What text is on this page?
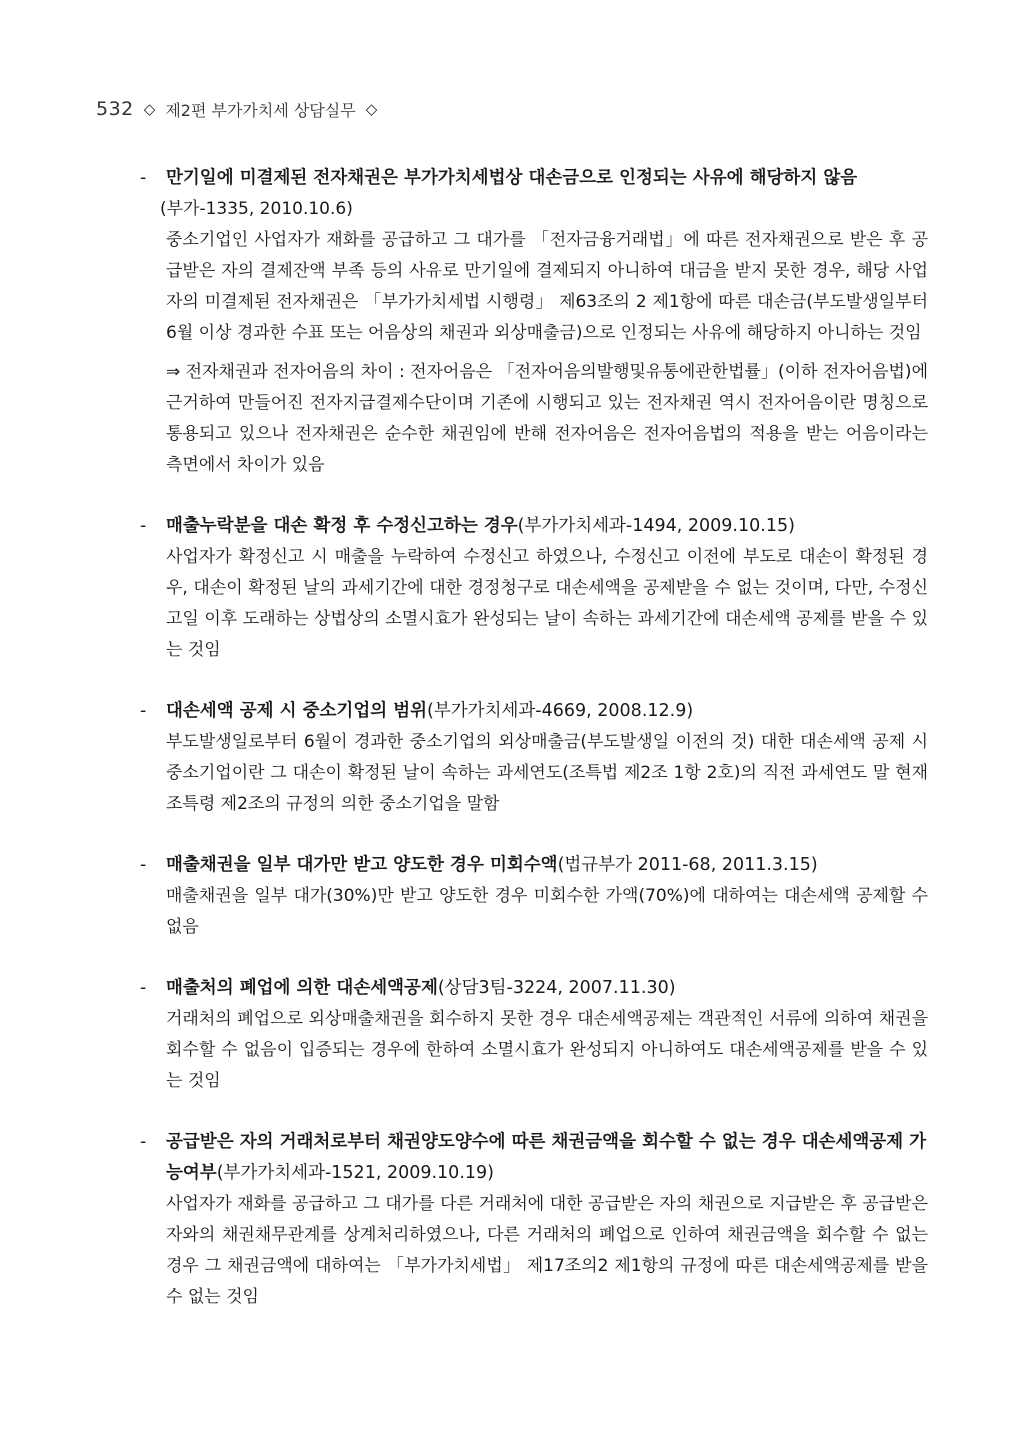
532 ◇ 제2편 부가가치세 상담실무 ◇
-	만기일에 미결제된 전자채권은 부가가치세법상 대손금으로 인정되는 사유에 해당하지 않음
(부가-1335, 2010.10.6)
중소기업인 사업자가 재화를 공급하고 그 대가를 「전자금융거래법」에 따른 전자채권으로 받은 후 공급받은 자의 결제잔액 부족 등의 사유로 만기일에 결제되지 아니하여 대금을 받지 못한 경우, 해당 사업자의 미결제된 전자채권은 「부가가치세법 시행령」 제63조의 2 제1항에 따른 대손금(부도발생일부터 6월 이상 경과한 수표 또는 어음상의 채권과 외상매출금)으로 인정되는 사유에 해당하지 아니하는 것임
⇒ 전자채권과 전자어음의 차이 : 전자어음은 「전자어음의발행및유통에관한법률」(이하 전자어음법)에 근거하여 만들어진 전자지급결제수단이며 기존에 시행되고 있는 전자채권 역시 전자어음이란 명칭으로 통용되고 있으나 전자채권은 순수한 채권임에 반해 전자어음은 전자어음법의 적용을 받는 어음이라는 측면에서 차이가 있음
-	매출누락분을 대손 확정 후 수정신고하는 경우(부가가치세과-1494, 2009.10.15)
사업자가 확정신고 시 매출을 누락하여 수정신고 하였으나, 수정신고 이전에 부도로 대손이 확정된 경우, 대손이 확정된 날의 과세기간에 대한 경정청구로 대손세액을 공제받을 수 없는 것이며, 다만, 수정신고일 이후 도래하는 상법상의 소멸시효가 완성되는 날이 속하는 과세기간에 대손세액 공제를 받을 수 있는 것임
-	대손세액 공제 시 중소기업의 범위(부가가치세과-4669, 2008.12.9)
부도발생일로부터 6월이 경과한 중소기업의 외상매출금(부도발생일 이전의 것) 대한 대손세액 공제 시 중소기업이란 그 대손이 확정된 날이 속하는 과세연도(조특법 제2조 1항 2호)의 직전 과세연도 말 현재 조특령 제2조의 규정의 의한 중소기업을 말함
-	매출채권을 일부 대가만 받고 양도한 경우 미회수액(법규부가 2011-68, 2011.3.15)
매출채권을 일부 대가(30%)만 받고 양도한 경우 미회수한 가액(70%)에 대하여는 대손세액 공제할 수 없음
-	매출처의 폐업에 의한 대손세액공제(상담3팀-3224, 2007.11.30)
거래처의 폐업으로 외상매출채권을 회수하지 못한 경우 대손세액공제는 객관적인 서류에 의하여 채권을 회수할 수 없음이 입증되는 경우에 한하여 소멸시효가 완성되지 아니하여도 대손세액공제를 받을 수 있는 것임
-	공급받은 자의 거래처로부터 채권양도양수에 따른 채권금액을 회수할 수 없는 경우 대손세액공제 가능여부(부가가치세과-1521, 2009.10.19)
사업자가 재화를 공급하고 그 대가를 다른 거래처에 대한 공급받은 자의 채권으로 지급받은 후 공급받은 자와의 채권채무관계를 상계처리하였으나, 다른 거래처의 폐업으로 인하여 채권금액을 회수할 수 없는 경우 그 채권금액에 대하여는 「부가가치세법」 제17조의2 제1항의 규정에 따른 대손세액공제를 받을 수 없는 것임
